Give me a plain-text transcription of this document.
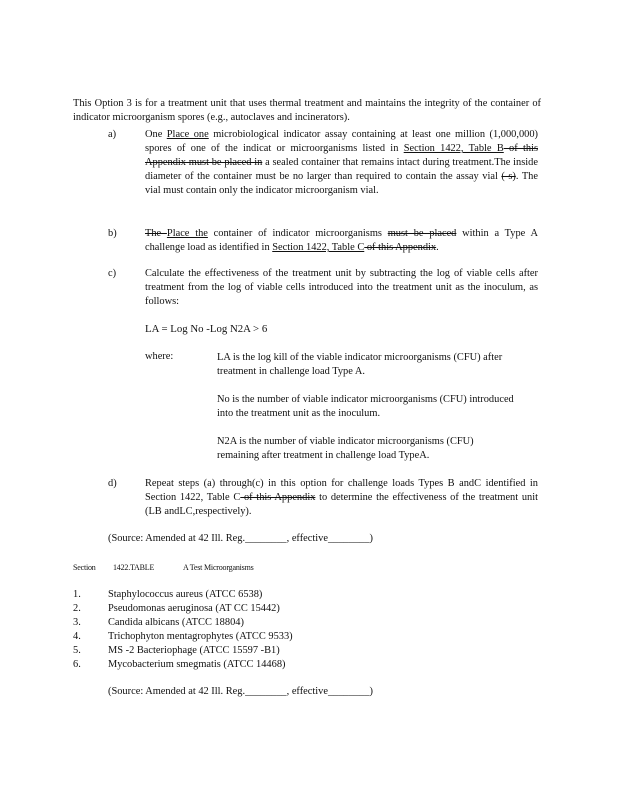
This Option 3 is for a treatment unit that uses thermal treatment and maintains the integrity of the container of indicator microorganism spores (e.g., autoclaves and incinerators).

a)	One Place one microbiological indicator assay containing at least one million (1,000,000) spores of one of the indicat or microorganisms listed in Section 1422, Table B of this Appendix must be placed in a sealed container that remains intact during treatment.The inside diameter of the container must be no larger than required to contain the assay vial (-s). The vial must contain only the indicator microorganism vial.
b)	The Place the container of indicator microorganisms must be placed within a Type A challenge load as identified in Section 1422, Table C of this Appendix.
c)	Calculate the effectiveness of the treatment unit by subtracting the log of viable cells after treatment from the log of viable cells introduced into the treatment unit as the inoculum, as follows:
LA = Log No -Log N2A > 6
where:	LA is the log kill of the viable indicator microorganisms (CFU) after treatment in challenge load Type A.
No is the number of viable indicator microorganisms (CFU) introduced into the treatment unit as the inoculum.
N2A is the number of viable indicator microorganisms (CFU) remaining after treatment in challenge load TypeA.
d)	Repeat steps (a) through(c) in this option for challenge loads Types B andC identified in Section 1422, Table C of this Appendix to determine the effectiveness of the treatment unit (LB andLC,respectively).
(Source: Amended at 42 Ill. Reg.________, effective________)
Section 1422.TABLE	A Test Microorganisms
1.	Staphylococcus aureus (ATCC 6538)
2.	Pseudomonas aeruginosa (AT CC 15442)
3.	Candida albicans (ATCC 18804)
4.	Trichophyton mentagrophytes (ATCC 9533)
5.	MS -2 Bacteriophage (ATCC 15597 -B1)
6.	Mycobacterium smegmatis (ATCC 14468)
(Source: Amended at 42 Ill. Reg.________, effective________)
